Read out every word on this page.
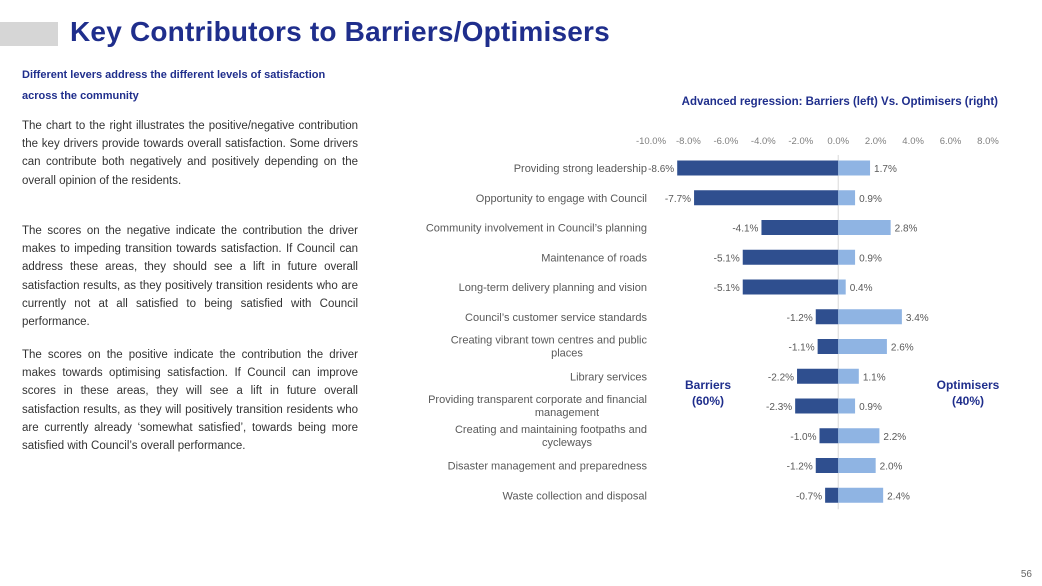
Key Contributors to Barriers/Optimisers
Different levers address the different levels of satisfaction
across the community

The chart to the right illustrates the positive/negative contribution the key drivers provide towards overall satisfaction. Some drivers can contribute both negatively and positively depending on the overall opinion of the residents.

The scores on the negative indicate the contribution the driver makes to impeding transition towards satisfaction. If Council can address these areas, they should see a lift in future overall satisfaction results, as they positively transition residents who are currently not at all satisfied to being satisfied with Council performance.

The scores on the positive indicate the contribution the driver makes towards optimising satisfaction. If Council can improve scores in these areas, they will see a lift in future overall satisfaction results, as they will positively transition residents who are currently already ‘somewhat satisfied’, towards being more satisfied with Council’s overall performance.

Advanced regression: Barriers (left) Vs. Optimisers (right)
-10.0% -8.0% -6.0% -4.0% -2.0% 0.0% 2.0% 4.0% 6.0% 8.0%
Providing strong leadership -8.6%	1.7%
Opportunity to engage with Council -7.7%	0.9%
Community involvement in Council’s planning	-4.1%	2.8%
Maintenance of roads	-5.1%	0.9%
Long-term delivery planning and vision	-5.1%	0.4%
Council’s customer service standards	-1.2%	3.4%
Creating vibrant town centres and public places	-1.1%	2.6%
Library services	-2.2%	1.1%
Providing transparent corporate and financial management	-2.3%	0.9%
Creating and maintaining footpaths and cycleways	-1.0%	2.2%
Disaster management and preparedness	-1.2%	2.0%
Waste collection and disposal	-0.7%	2.4%
Barriers
(60%)
Optimisers
(40%)
56
